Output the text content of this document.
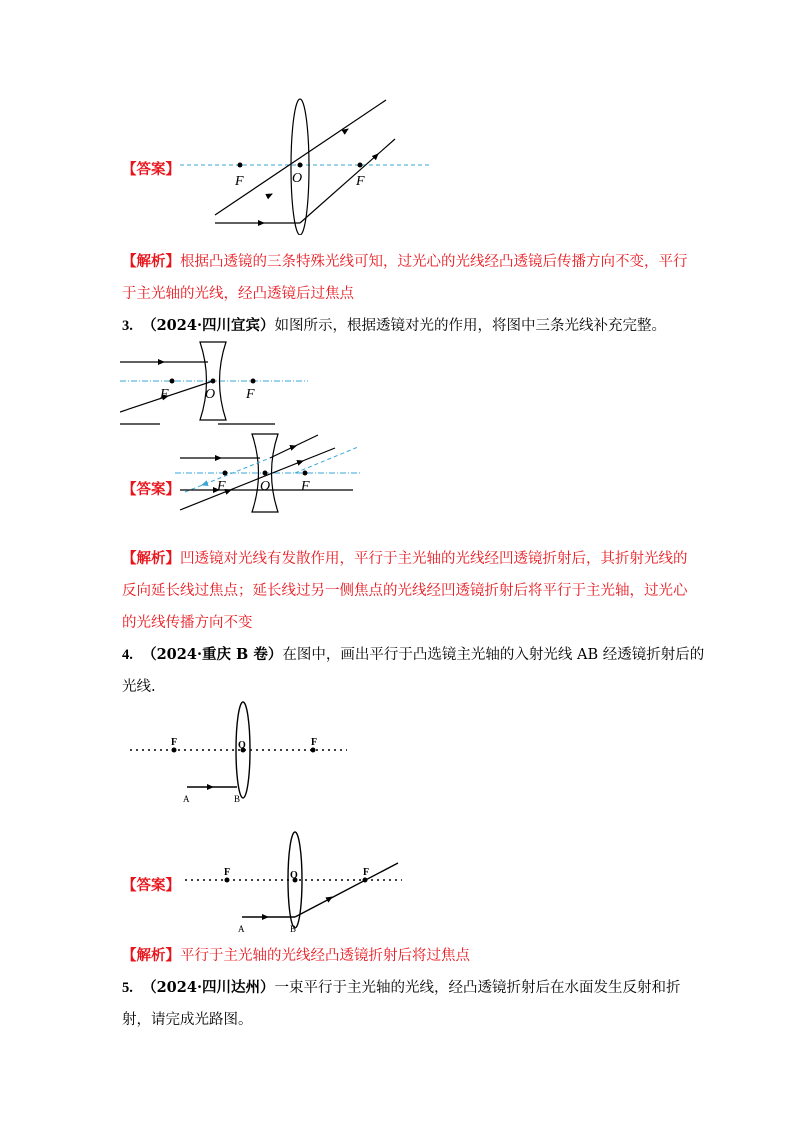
【答案】
F	O	F
【解析】根据凸透镜的三条特殊光线可知，过光心的光线经凸透镜后传播方向不变，平行
于主光轴的光线，经凸透镜后过焦点
3. （2024·四川宜宾）如图所示，根据透镜对光的作用，将图中三条光线补充完整。
F	O F
【答案】	F O F
【解析】凹透镜对光线有发散作用，平行于主光轴的光线经凹透镜折射后，其折射光线的
反向延长线过焦点；延长线过另一侧焦点的光线经凹透镜折射后将平行于主光轴，过光心
的光线传播方向不变
4. （2024·重庆 B 卷）在图中，画出平行于凸选镜主光轴的入射光线 AB 经透镜折射后的
光线.
F	O	F
A	B
【答案】
F	O	F
A	B
【解析】平行于主光轴的光线经凸透镜折射后将过焦点
5. （2024·四川达州）一束平行于主光轴的光线，经凸透镜折射后在水面发生反射和折
射，请完成光路图。
